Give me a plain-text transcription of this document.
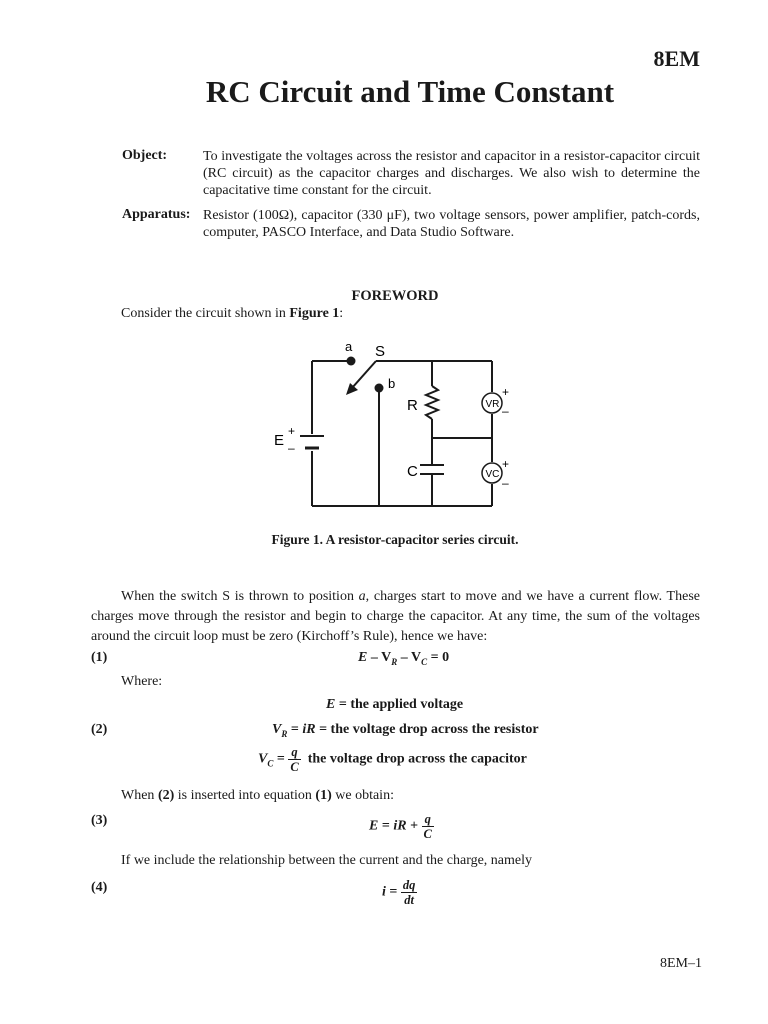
8EM
RC Circuit and Time Constant
Object:	To investigate the voltages across the resistor and capacitor in a resistor-capacitor circuit (RC circuit) as the capacitor charges and discharges. We also wish to determine the capacitative time constant for the circuit.
Apparatus: Resistor (100Ω), capacitor (330 μF), two voltage sensors, power amplifier, patch-cords, computer, PASCO Interface, and Data Studio Software.
FOREWORD
Consider the circuit shown in Figure 1:
a S
b
R
C
E
+
–
VR
VC
+
–
+
–
Figure 1. A resistor-capacitor series circuit.
When the switch S is thrown to position a, charges start to move and we have a current flow. These charges move through the resistor and begin to charge the capacitor. At any time, the sum of the voltages around the circuit loop must be zero (Kirchoff’s Rule), hence we have:
(1)	$E - V_R - V_C = 0$
Where:
E = the applied voltage
(2)	$V_R$ = iR = the voltage drop across the resistor
$V_C = \frac{q}{C}$ the voltage drop across the capacitor
When (2) is inserted into equation (1) we obtain:
(3)	E = iR + $\frac{q}{C}$
If we include the relationship between the current and the charge, namely
(4)	$i = \frac{dq}{dt}$
8EM–1
